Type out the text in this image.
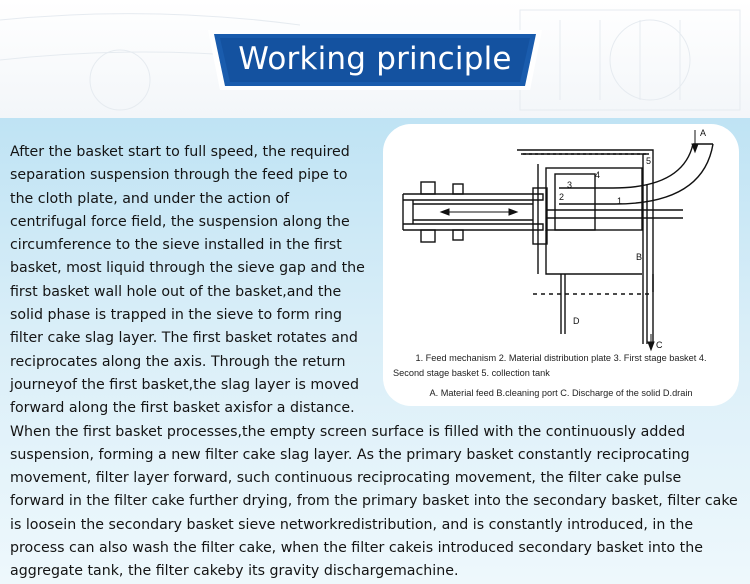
Working principle
A
B
C
D
1
2
3
4
5
1. Feed mechanism 2. Material distribution plate 3. First stage basket 4.
Second stage basket 5. collection tank
A. Material feed B.cleaning port C. Discharge of the solid D.drain
After the basket start to full speed, the required separation suspension through the feed pipe to the cloth plate, and under the action of centrifugal force field, the suspension along the circumference to the sieve installed in the first basket, most liquid through the sieve gap and the first basket wall hole out of the basket,and the solid phase is trapped in the sieve to form ring filter cake slag layer. The first basket rotates and reciprocates along the axis. Through the return journeyof the first basket,the slag layer is moved forward along the first basket axisfor a distance. When the first basket processes,the empty screen surface is filled with the continuously added suspension, forming a new filter cake slag layer. As the primary basket constantly reciprocating movement, filter layer forward, such continuous reciprocating movement, the filter cake pulse forward in the filter cake further drying, from the primary basket into the secondary basket, filter cake is loosein the secondary basket sieve networkredistribution, and is constantly introduced, in the process can also wash the filter cake, when the filter cakeis introduced secondary basket into the aggregate tank, the filter cakeby its gravity dischargemachine.
